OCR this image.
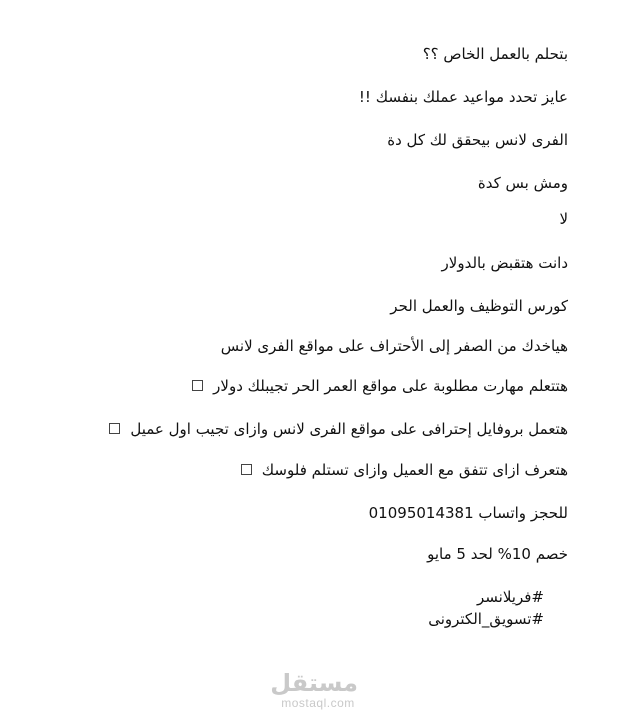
بتحلم بالعمل الخاص ؟؟
عايز تحدد مواعيد عملك بنفسك !!
الفرى لانس بيحقق لك كل دة
ومش بس كدة
لا
دانت هتقبض بالدولار
كورس التوظيف والعمل الحر
هياخدك من الصفر إلى الأحتراف على مواقع الفرى لانس
هتتعلم مهارت مطلوبة على مواقع العمر الحر تجيبلك دولار
هتعمل بروفايل إحترافى على مواقع الفرى لانس وازاى تجيب اول عميل
هتعرف ازاى تتفق مع العميل وازاى تستلم فلوسك
للحجز واتساب 01095014381
خصم 10% لحد 5 مايو
#فريلانسر
#تسويق_الكترونى
مستقل
mostaql.com
